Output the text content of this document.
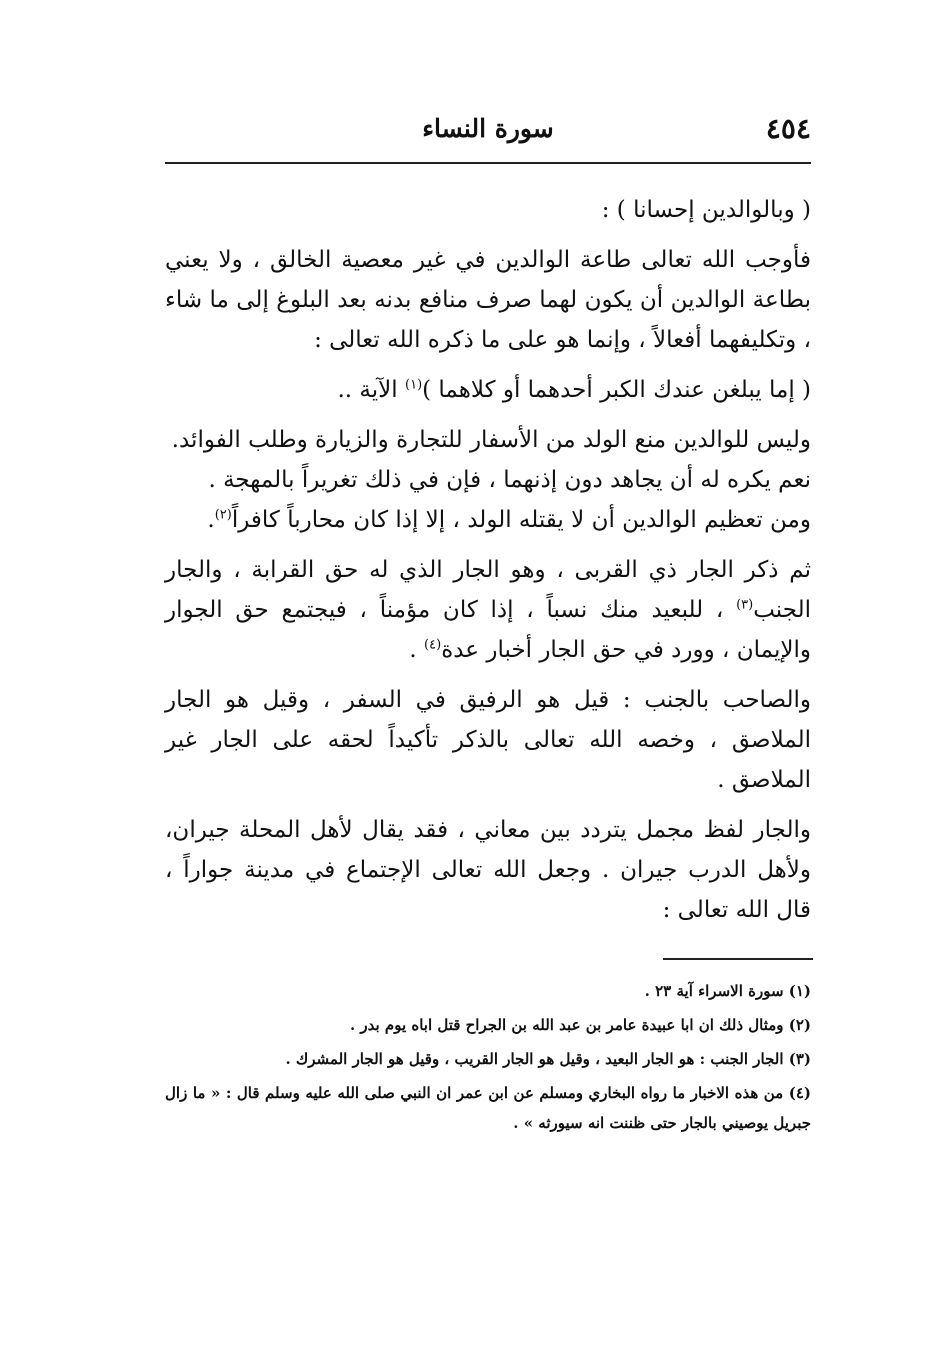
٤٥٤
سورة النساء

( وبالوالدين إحسانا ) :

فأوجب الله تعالى طاعة الوالدين في غير معصية الخالق ، ولا يعني بطاعة الوالدين أن يكون لهما صرف منافع بدنه بعد البلوغ إلى ما شاء ، وتكليفهما أفعالاً ، وإنما هو على ما ذكره الله تعالى :

( إما يبلغن عندك الكبر أحدهما أو كلاهما )$^{(١)}$ الآية ..

وليس للوالدين منع الولد من الأسفار للتجارة والزيارة وطلب الفوائد.
نعم يكره له أن يجاهد دون إذنهما ، فإن في ذلك تغريراً بالمهجة .
ومن تعظيم الوالدين أن لا يقتله الولد ، إلا إذا كان محارباً كافراً$^{(٢)}$.

ثم ذكر الجار ذي القربى ، وهو الجار الذي له حق القرابة ، والجار الجنب$^{(٣)}$ ، للبعيد منك نسباً ، إذا كان مؤمناً ، فيجتمع حق الجوار والإيمان ، وورد في حق الجار أخبار عدة$^{(٤)}$ .

والصاحب بالجنب : قيل هو الرفيق في السفر ، وقيل هو الجار الملاصق ، وخصه الله تعالى بالذكر تأكيداً لحقه على الجار غير الملاصق .

والجار لفظ مجمل يتردد بين معاني ، فقد يقال لأهل المحلة جيران، ولأهل الدرب جيران . وجعل الله تعالى الإجتماع في مدينة جواراً ، قال الله تعالى :

(١) سورة الاسراء آية ٢٣ .

(٢) ومثال ذلك ان ابا عبيدة عامر بن عبد الله بن الجراح قتل اباه يوم بدر .

(٣) الجار الجنب : هو الجار البعيد ، وقيل هو الجار القريب ، وقيل هو الجار المشرك .

(٤) من هذه الاخبار ما رواه البخاري ومسلم عن ابن عمر ان النبي صلى الله عليه وسلم قال : « ما زال جبريل يوصيني بالجار حتى ظننت انه سيورثه » .
